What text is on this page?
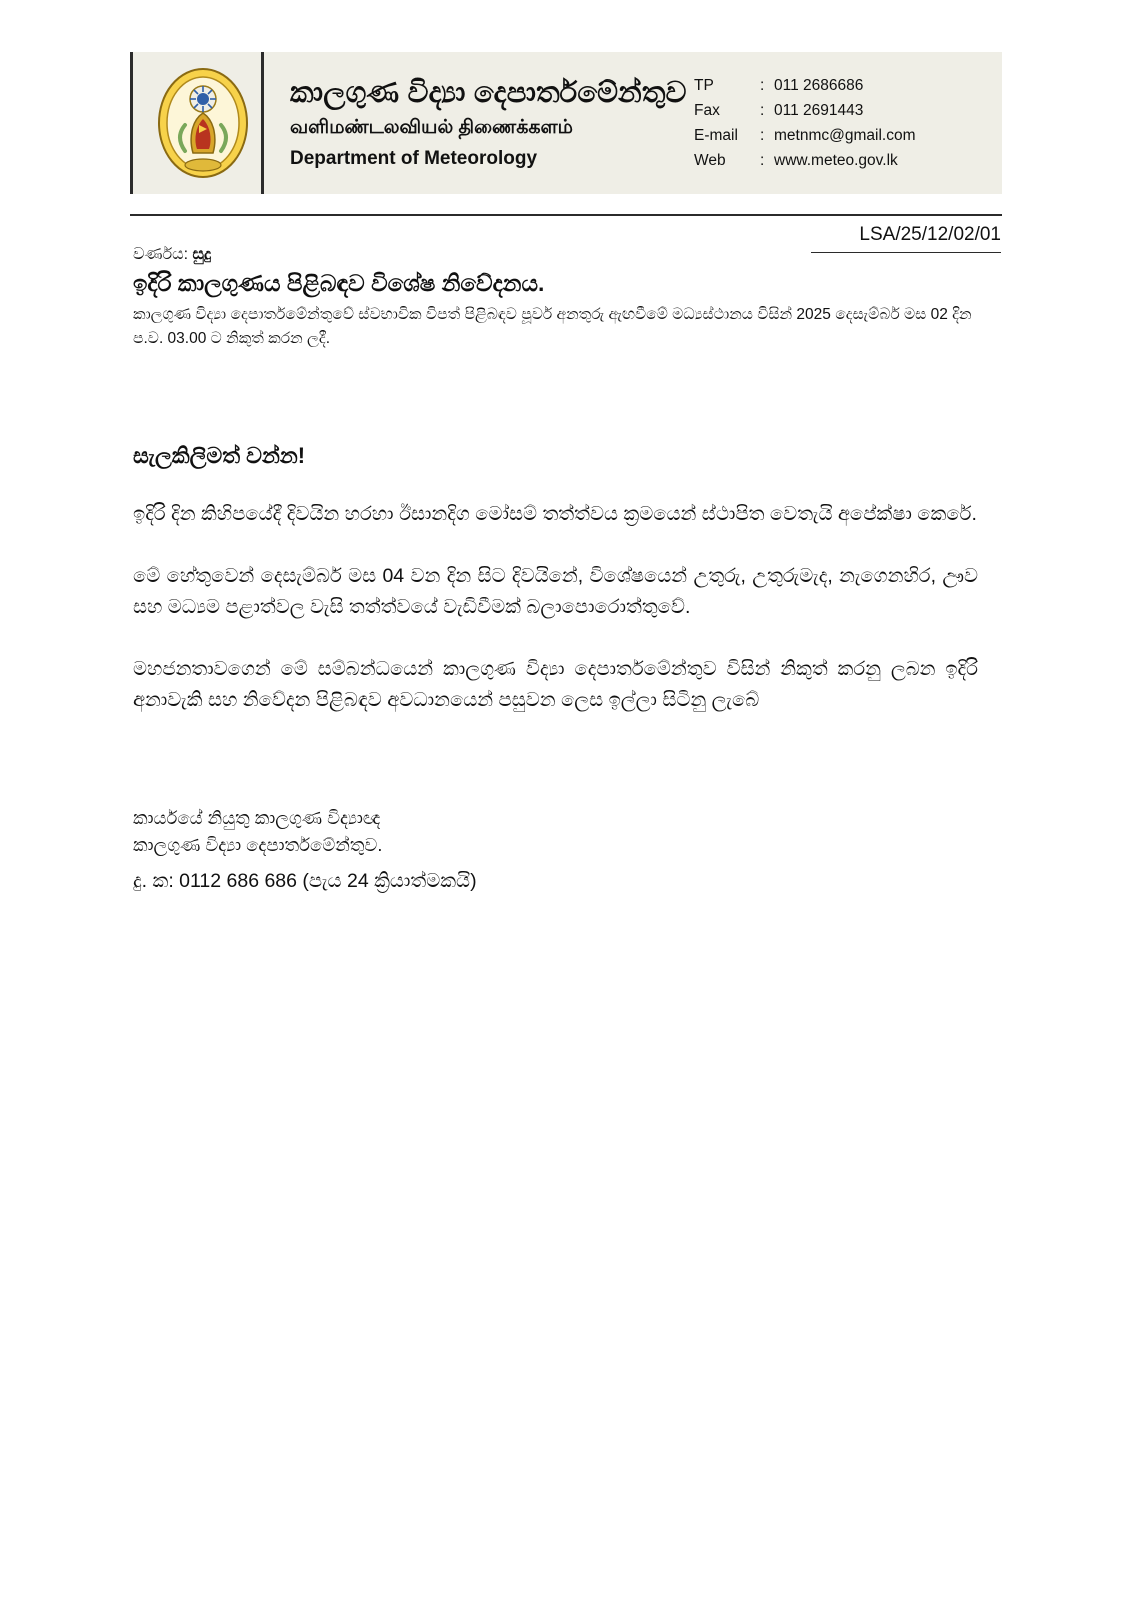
කාලගුණ විද්‍යා දෙපාර්තමේන්තුව
வளிமண்டலவியல் திணைக்களம்
Department of Meteorology
TP	: 011 2686686
Fax	: 011 2691443
E-mail	: metnmc@gmail.com
Web	: www.meteo.gov.lk
LSA/25/12/02/01
වර්ණය: සුදු
ඉදිරි කාලගුණය පිළිබඳව විශේෂ නිවේදනය.
කාලගුණ විද්‍යා දෙපාර්තමේන්තුවේ ස්වභාවික විපත් පිළිබඳව පූර්ව අනතුරු ඇඟවීමේ මධ්‍යස්ථානය විසින් 2025 දෙසැම්බර් මස 02 දින ප.ව. 03.00 ට නිකුත් කරන ලදී.
සැලකිලිමත් වන්න!

ඉදිරි දින කිහිපයේදී දිවයින හරහා ඊසානදිග මෝසම් තත්ත්වය ක්‍රමයෙන් ස්ථාපිත වෙතැයි අපේක්ෂා කෙරේ.

මේ හේතුවෙන් දෙසැම්බර් මස 04 වන දින සිට දිවයිනේ, විශේෂයෙන් උතුරු, උතුරුමැද, නැගෙනහිර, ඌව සහ මධ්‍යම පළාත්වල වැසි තත්ත්වයේ වැඩිවීමක් බලාපොරොත්තුවේ.

මහජනතාවගෙන් මේ සම්බන්ධයෙන් කාලගුණ විද්‍යා දෙපාර්තමේන්තුව විසින් නිකුත් කරනු ලබන ඉදිරි අනාවැකි සහ නිවේදන පිළිබඳව අවධානයෙන් පසුවන ලෙස ඉල්ලා සිටිනු ලැබේ

කාර්යයේ නියුතු කාලගුණ විද්‍යාඥ
කාලගුණ විද්‍යා දෙපාර්තමේන්තුව.
දු. ක: 0112 686 686 (පැය 24 ක්‍රියාත්මකයි)
